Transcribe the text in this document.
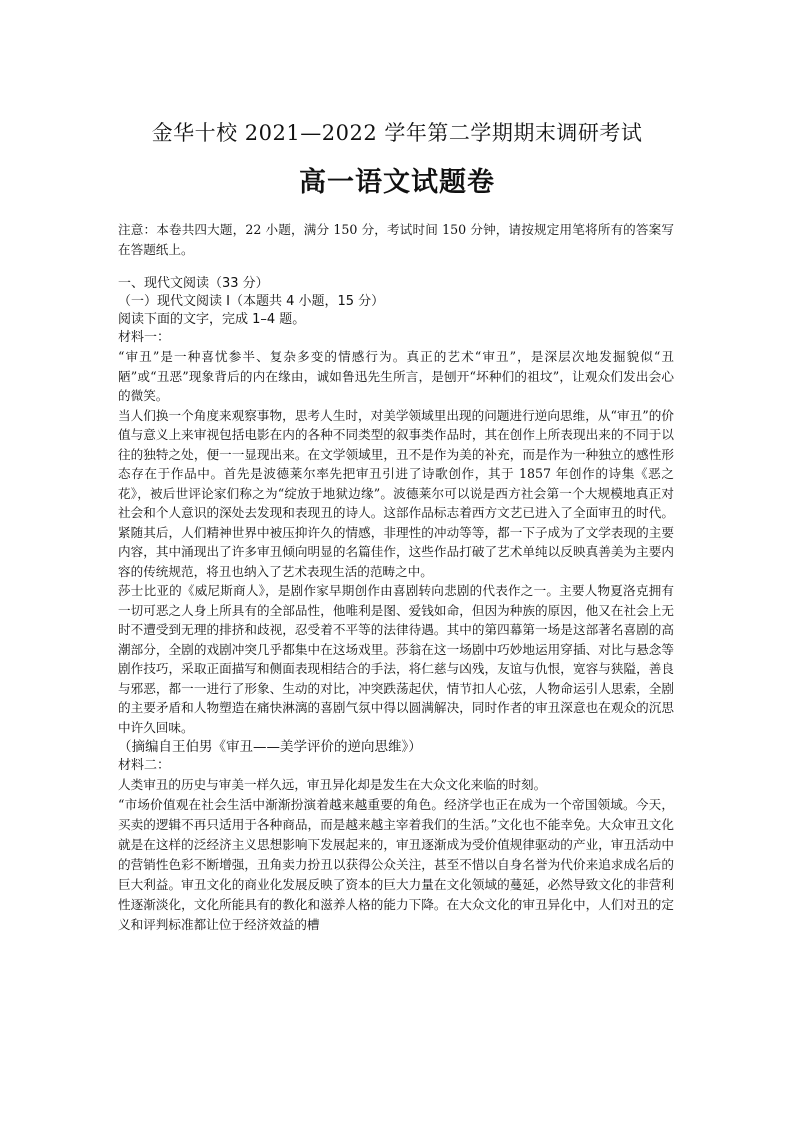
金华十校 2021—2022 学年第二学期期末调研考试
高一语文试题卷

注意：本卷共四大题，22 小题，满分 150 分，考试时间 150 分钟，请按规定用笔将所有的答案写在答题纸上。

一、现代文阅读（33 分）

（一）现代文阅读 I（本题共 4 小题，15 分）

阅读下面的文字，完成 1–4 题。

材料一：

“审丑”是一种喜忧参半、复杂多变的情感行为。真正的艺术“审丑”，是深层次地发掘貌似“丑陋”或“丑恶”现象背后的内在缘由，诚如鲁迅先生所言，是刨开“坏种们的祖坟”，让观众们发出会心的微笑。

当人们换一个角度来观察事物，思考人生时，对美学领域里出现的问题进行逆向思维，从“审丑”的价值与意义上来审视包括电影在内的各种不同类型的叙事类作品时，其在创作上所表现出来的不同于以往的独特之处，便一一显现出来。在文学领域里，丑不是作为美的补充，而是作为一种独立的感性形态存在于作品中。首先是波德莱尔率先把审丑引进了诗歌创作，其于 1857 年创作的诗集《恶之花》，被后世评论家们称之为“绽放于地狱边缘”。波德莱尔可以说是西方社会第一个大规模地真正对社会和个人意识的深处去发现和表现丑的诗人。这部作品标志着西方文艺已进入了全面审丑的时代。紧随其后，人们精神世界中被压抑许久的情感，非理性的冲动等等，都一下子成为了文学表现的主要内容，其中涌现出了许多审丑倾向明显的名篇佳作，这些作品打破了艺术单纯以反映真善美为主要内容的传统规范，将丑也纳入了艺术表现生活的范畴之中。

莎士比亚的《威尼斯商人》，是剧作家早期创作由喜剧转向悲剧的代表作之一。主要人物夏洛克拥有一切可恶之人身上所具有的全部品性，他唯利是图、爱钱如命，但因为种族的原因，他又在社会上无时不遭受到无理的排挤和歧视，忍受着不平等的法律待遇。其中的第四幕第一场是这部著名喜剧的高潮部分，全剧的戏剧冲突几乎都集中在这场戏里。莎翁在这一场剧中巧妙地运用穿插、对比与悬念等剧作技巧，采取正面描写和侧面表现相结合的手法，将仁慈与凶残，友谊与仇恨，宽容与狭隘，善良与邪恶，都一一进行了形象、生动的对比，冲突跌荡起伏，情节扣人心弦，人物命运引人思索，全剧的主要矛盾和人物塑造在痛快淋漓的喜剧气氛中得以圆满解决，同时作者的审丑深意也在观众的沉思中许久回味。

（摘编自王伯男《审丑——美学评价的逆向思维》）

材料二：

人类审丑的历史与审美一样久远，审丑异化却是发生在大众文化来临的时刻。

“市场价值观在社会生活中渐渐扮演着越来越重要的角色。经济学也正在成为一个帝国领域。今天，买卖的逻辑不再只适用于各种商品，而是越来越主宰着我们的生活。”文化也不能幸免。大众审丑文化就是在这样的泛经济主义思想影响下发展起来的，审丑逐渐成为受价值规律驱动的产业，审丑活动中的营销性色彩不断增强，丑角卖力扮丑以获得公众关注，甚至不惜以自身名誉为代价来追求成名后的巨大利益。审丑文化的商业化发展反映了资本的巨大力量在文化领域的蔓延，必然导致文化的非营利性逐渐淡化，文化所能具有的教化和滋养人格的能力下降。在大众文化的审丑异化中，人们对丑的定义和评判标准都让位于经济效益的槽
